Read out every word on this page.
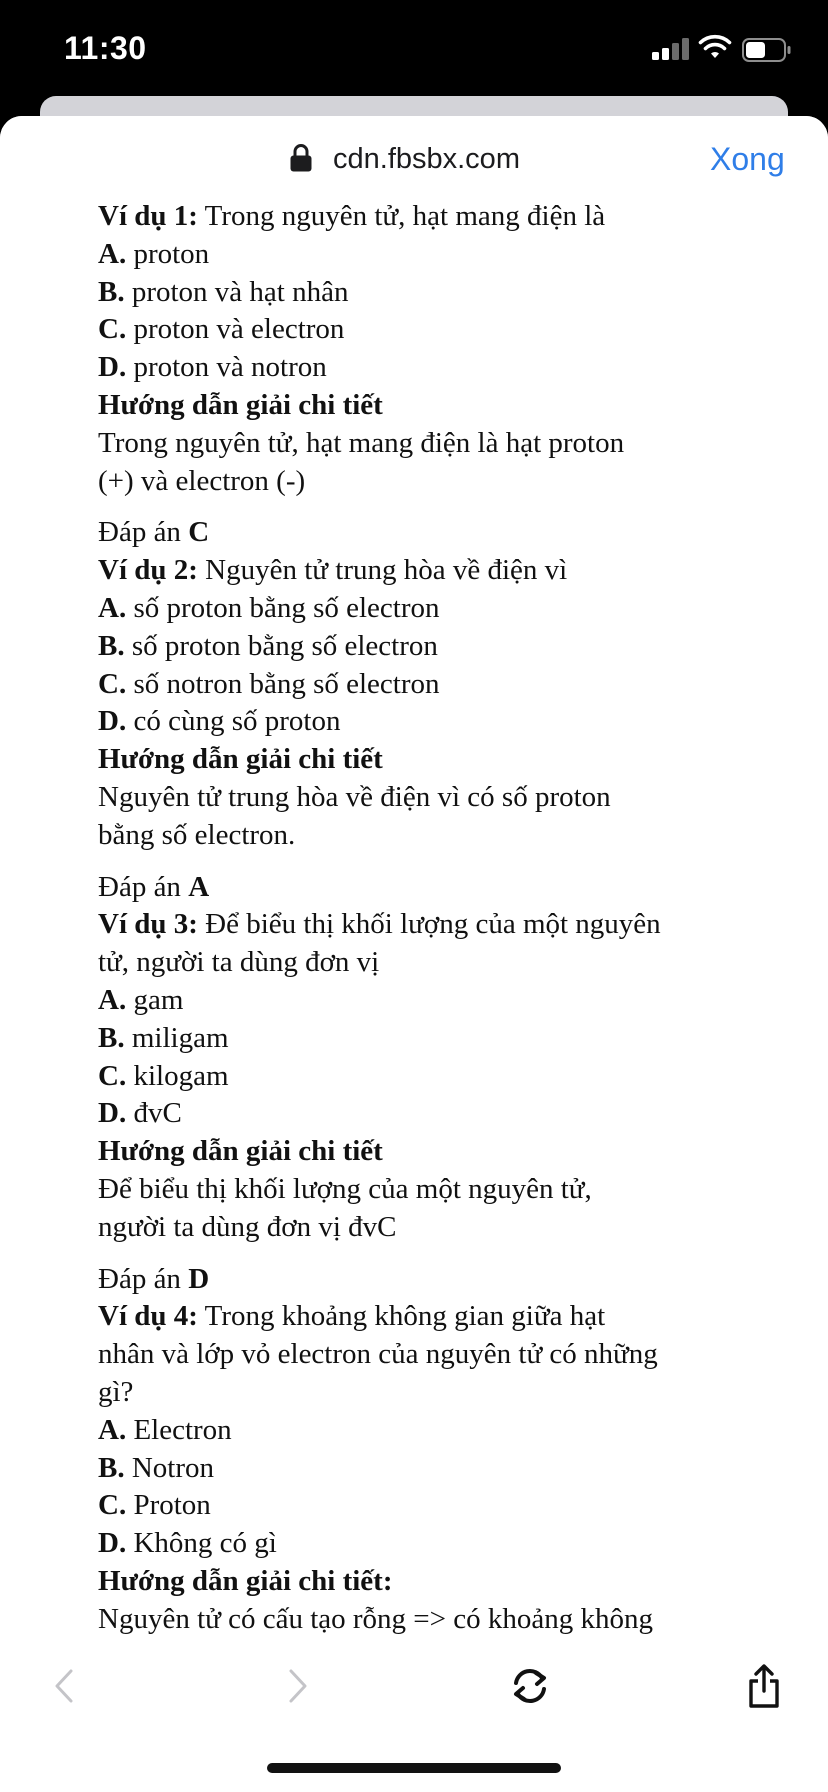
11:30
cdn.fbsbx.com	Xong

Ví dụ 1: Trong nguyên tử, hạt mang điện là

A. proton

B. proton và hạt nhân

C. proton và electron

D. proton và notron

Hướng dẫn giải chi tiết

Trong nguyên tử, hạt mang điện là hạt proton

(+) và electron (-)

Đáp án C

Ví dụ 2: Nguyên tử trung hòa về điện vì

A. số proton bằng số electron

B. số proton bằng số electron

C. số notron bằng số electron

D. có cùng số proton

Hướng dẫn giải chi tiết

Nguyên tử trung hòa về điện vì có số proton

bằng số electron.

Đáp án A

Ví dụ 3: Để biểu thị khối lượng của một nguyên

tử, người ta dùng đơn vị

A. gam

B. miligam

C. kilogam

D. đvC

Hướng dẫn giải chi tiết

Để biểu thị khối lượng của một nguyên tử,

người ta dùng đơn vị đvC

Đáp án D

Ví dụ 4: Trong khoảng không gian giữa hạt

nhân và lớp vỏ electron của nguyên tử có những

gì?

A. Electron

B. Notron

C. Proton

D. Không có gì

Hướng dẫn giải chi tiết:

Nguyên tử có cấu tạo rỗng => có khoảng không
